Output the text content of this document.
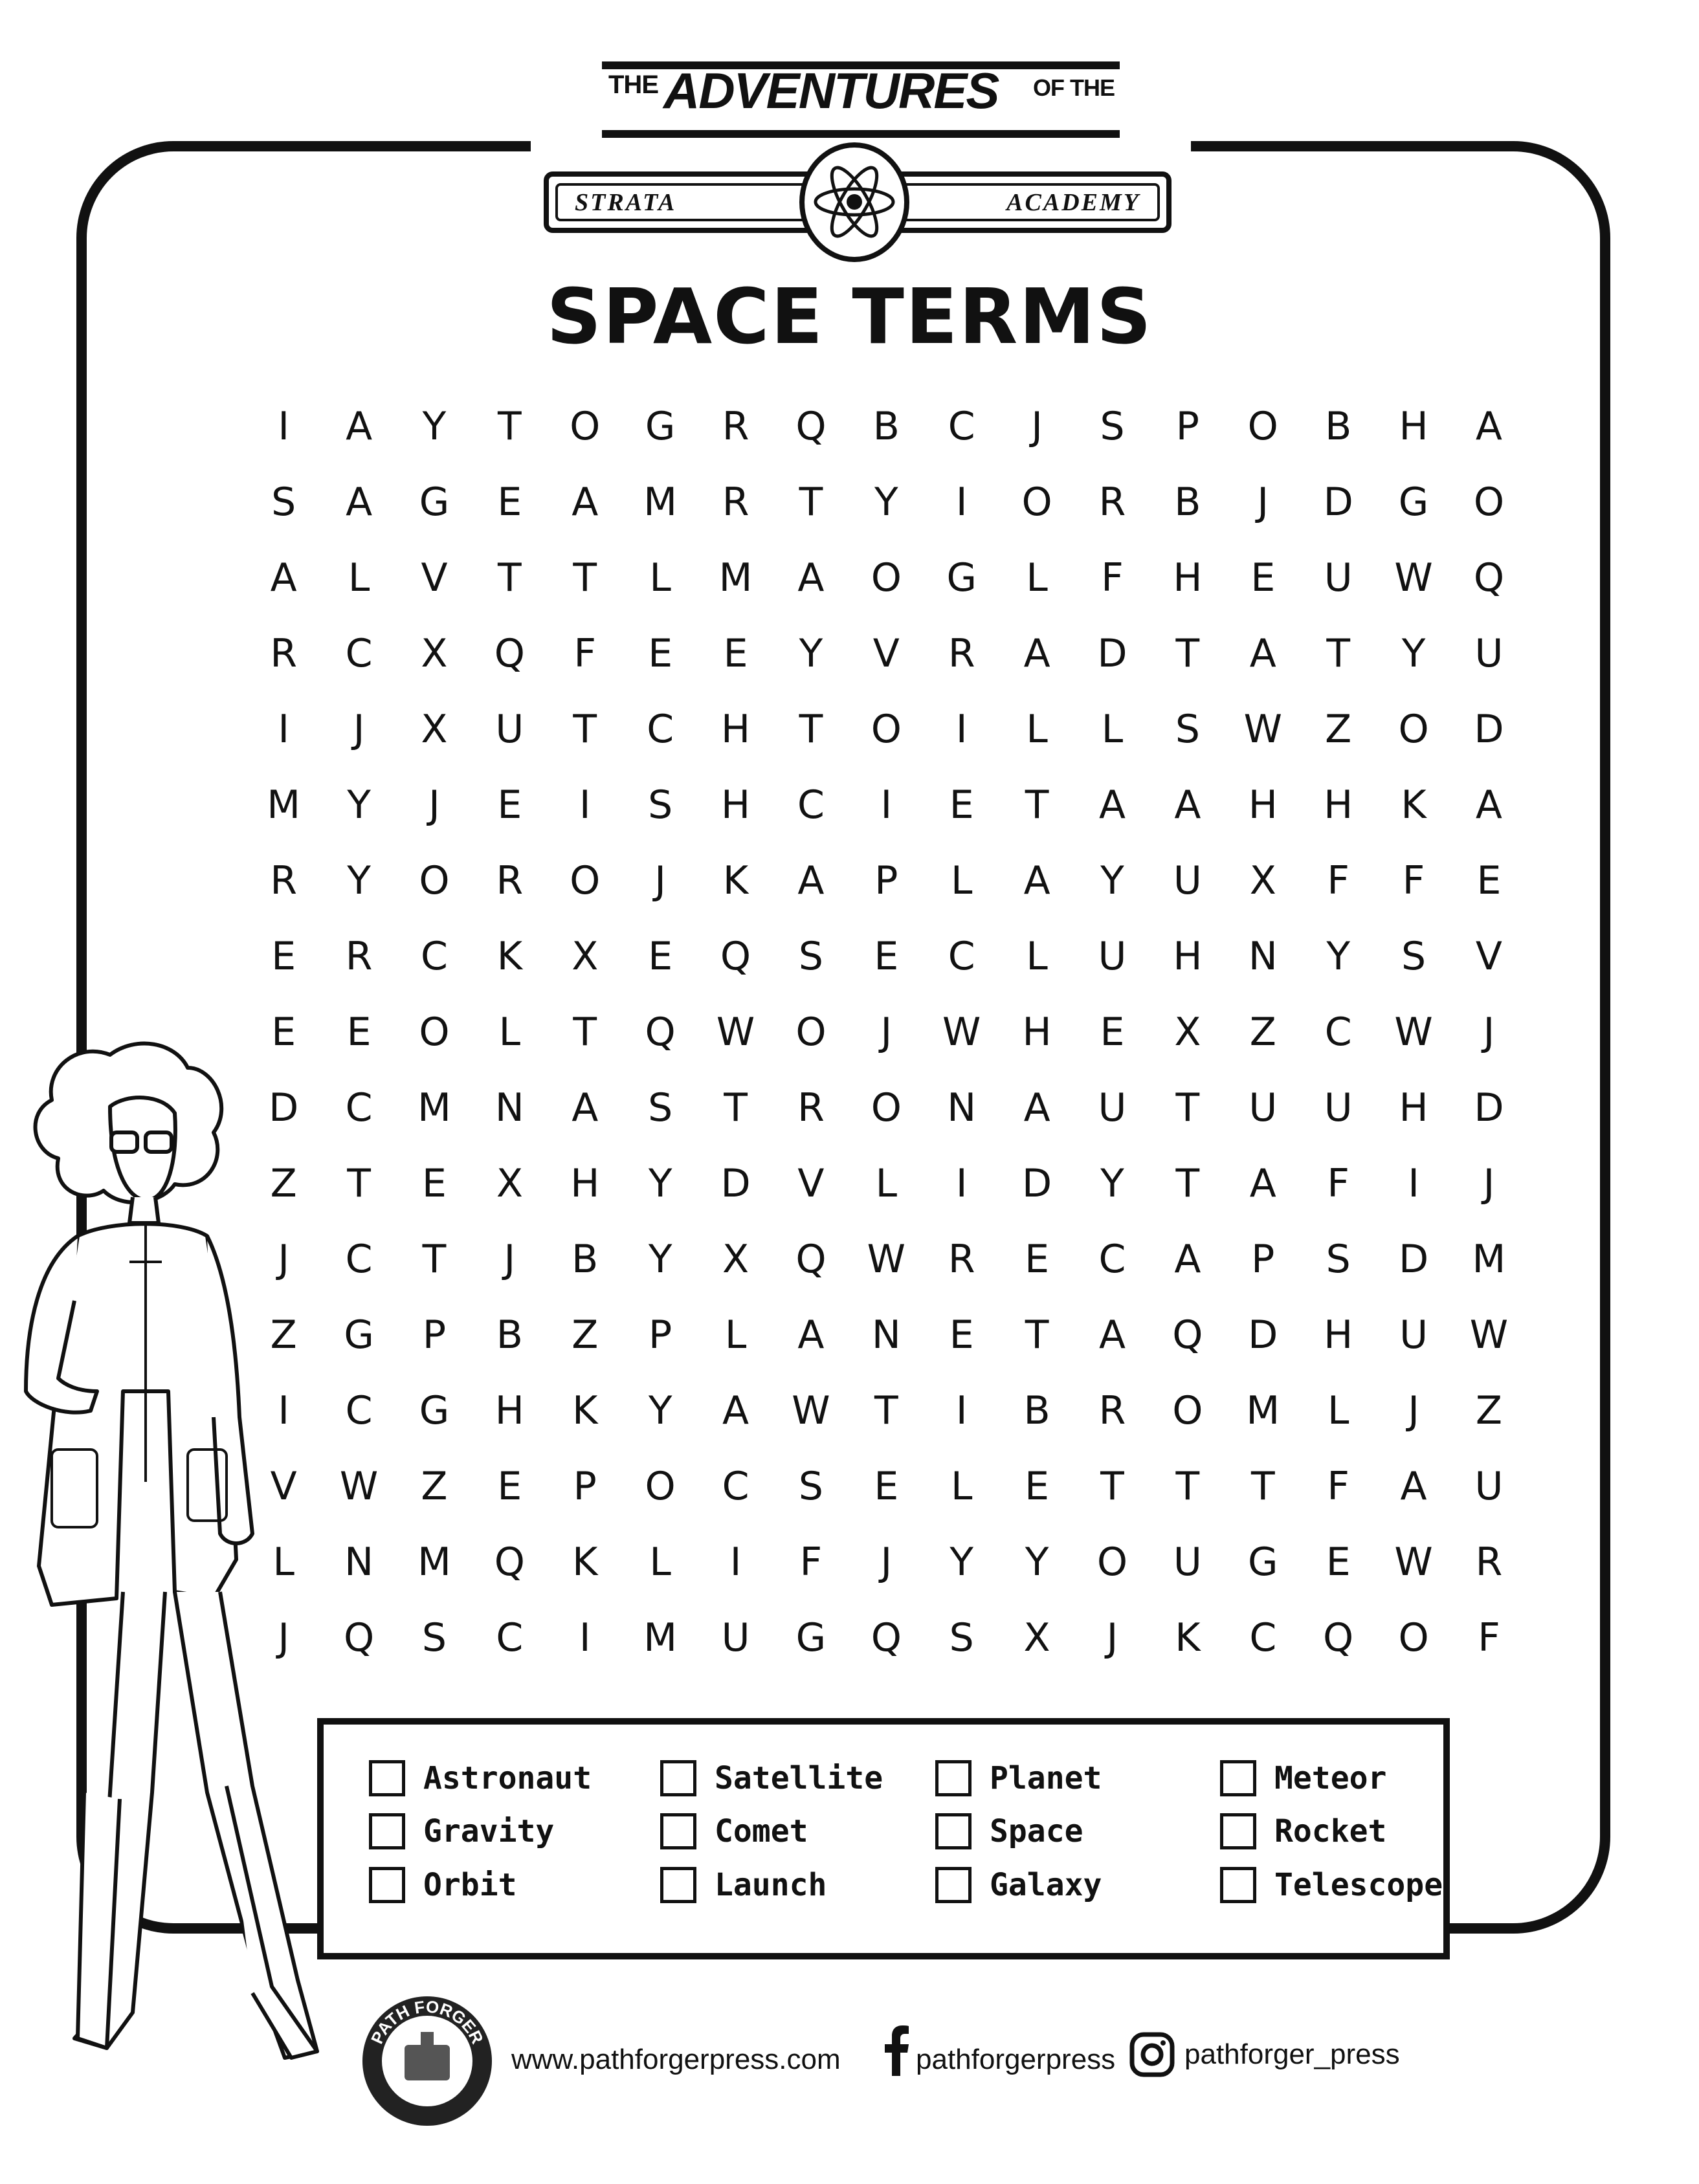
THE ADVENTURES OF THE
STRATA	ACADEMY
SPACE TERMS
I	A	Y	T	O	G	R	Q	B	C	J	S	P	O	B	H	A
S	A	G	E	A	M	R	T	Y	I	O	R	B	J	D	G	O
A	L	V	T	T	L	M	A	O	G	L	F	H	E	U	W	Q
R	C	X	Q	F	E	E	Y	V	R	A	D	T	A	T	Y	U
I	J	X	U	T	C	H	T	O	I	L	L	S	W	Z	O	D
M	Y	J	E	I	S	H	C	I	E	T	A	A	H	H	K	A
R	Y	O	R	O	J	K	A	P	L	A	Y	U	X	F	F	E
E	R	C	K	X	E	Q	S	E	C	L	U	H	N	Y	S	V
E	E	O	L	T	Q	W	O	J	W	H	E	X	Z	C	W	J
D	C	M	N	A	S	T	R	O	N	A	U	T	U	U	H	D
Z	T	E	X	H	Y	D	V	L	I	D	Y	T	A	F	I	J
J	C	T	J	B	Y	X	Q	W	R	E	C	A	P	S	D	M
Z	G	P	B	Z	P	L	A	N	E	T	A	Q	D	H	U	W
I	C	G	H	K	Y	A	W	T	I	B	R	O	M	L	J	Z
V	W	Z	E	P	O	C	S	E	L	E	T	T	T	F	A	U
L	N	M	Q	K	L	I	F	J	Y	Y	O	U	G	E	W	R
J	Q	S	C	I	M	U	G	Q	S	X	J	K	C	Q	O	F
Astronaut
Gravity
Orbit
Satellite
Comet
Launch
Planet
Space
Galaxy
Meteor
Rocket
Telescope
PATH FORGER
PRESS
www.pathforgerpress.com	pathforgerpress pathforger_press
